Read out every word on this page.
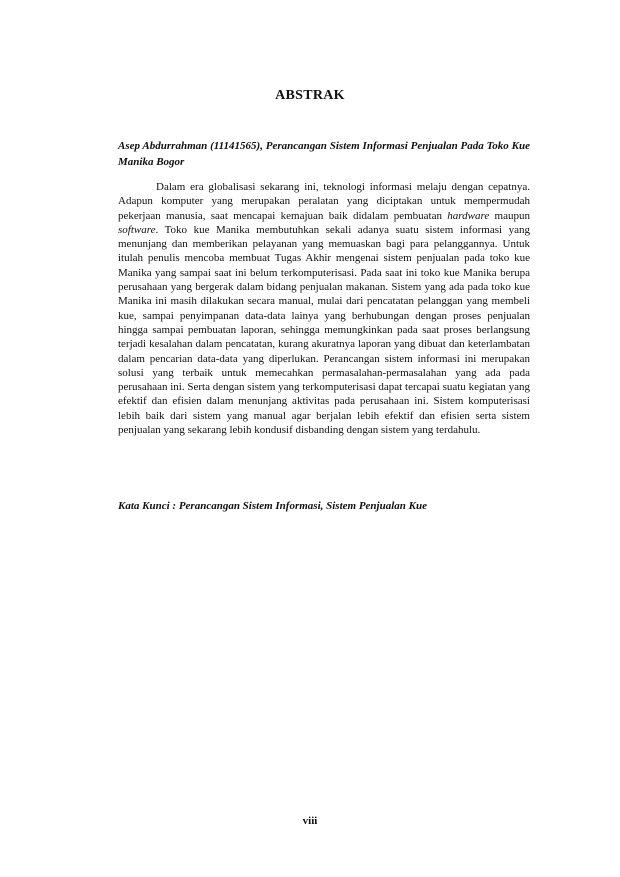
ABSTRAK
Asep Abdurrahman (11141565), Perancangan Sistem Informasi Penjualan Pada Toko Kue Manika Bogor

Dalam era globalisasi sekarang ini, teknologi informasi melaju dengan cepatnya. Adapun komputer yang merupakan peralatan yang diciptakan untuk mempermudah pekerjaan manusia, saat mencapai kemajuan baik didalam pembuatan hardware maupun software. Toko kue Manika membutuhkan sekali adanya suatu sistem informasi yang menunjang dan memberikan pelayanan yang memuaskan bagi para pelanggannya. Untuk itulah penulis mencoba membuat Tugas Akhir mengenai sistem penjualan pada toko kue Manika yang sampai saat ini belum terkomputerisasi. Pada saat ini toko kue Manika berupa perusahaan yang bergerak dalam bidang penjualan makanan. Sistem yang ada pada toko kue Manika ini masih dilakukan secara manual, mulai dari pencatatan pelanggan yang membeli kue, sampai penyimpanan data-data lainya yang berhubungan dengan proses penjualan hingga sampai pembuatan laporan, sehingga memungkinkan pada saat proses berlangsung terjadi kesalahan dalam pencatatan, kurang akuratnya laporan yang dibuat dan keterlambatan dalam pencarian data-data yang diperlukan. Perancangan sistem informasi ini merupakan solusi yang terbaik untuk memecahkan permasalahan-permasalahan yang ada pada perusahaan ini. Serta dengan sistem yang terkomputerisasi dapat tercapai suatu kegiatan yang efektif dan efisien dalam menunjang aktivitas pada perusahaan ini. Sistem komputerisasi lebih baik dari sistem yang manual agar berjalan lebih efektif dan efisien serta sistem penjualan yang sekarang lebih kondusif disbanding dengan sistem yang terdahulu.

Kata Kunci : Perancangan Sistem Informasi, Sistem Penjualan Kue
viii
